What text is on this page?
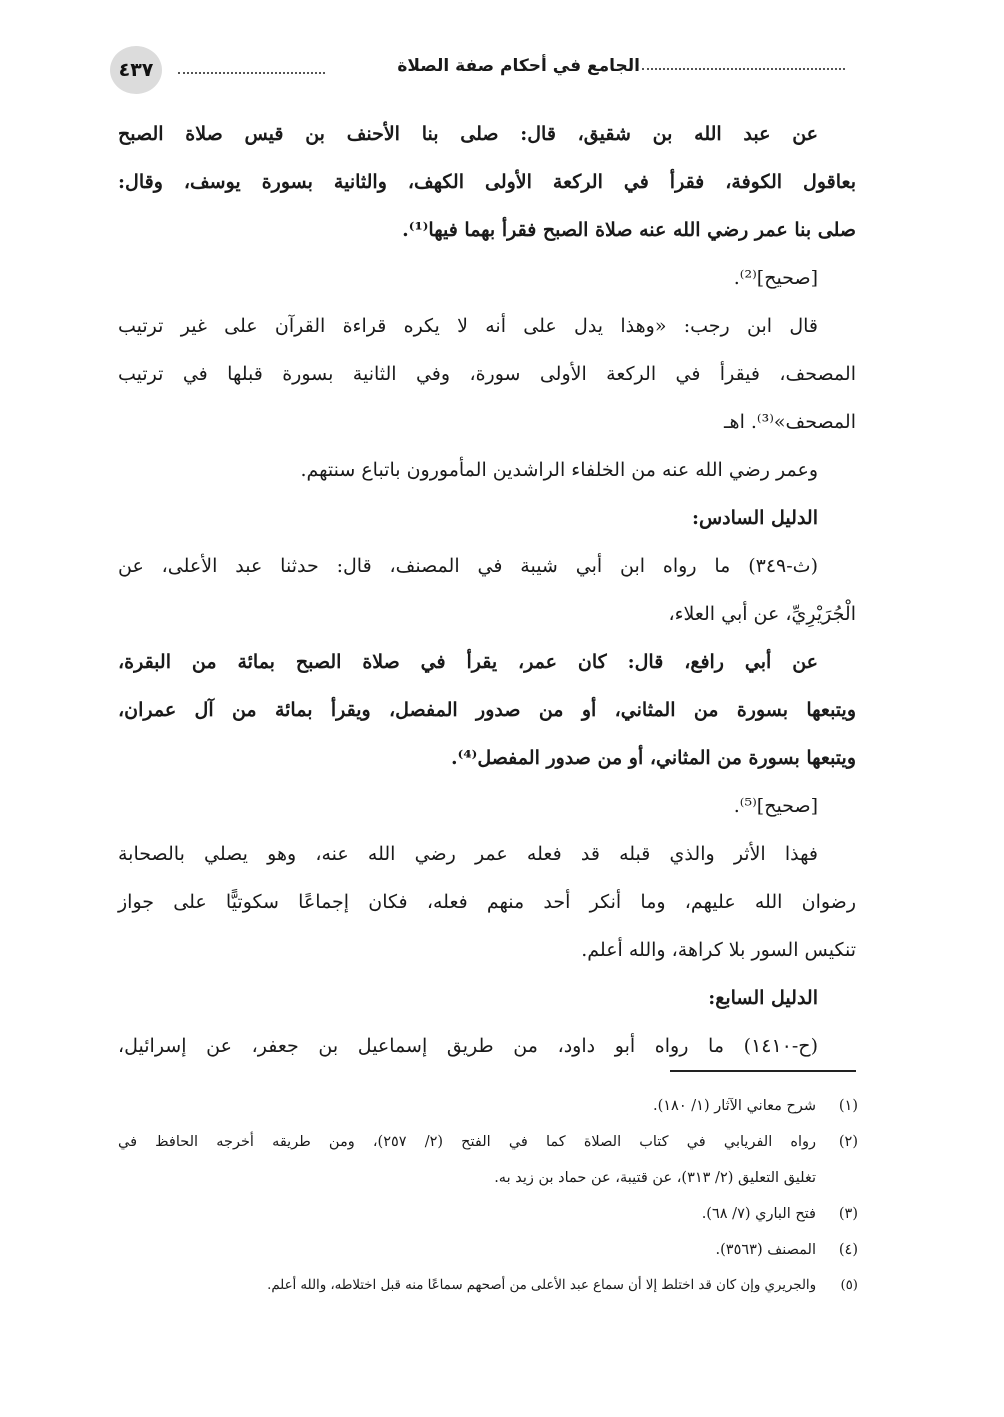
٤٣٧	الجامع في أحكام صفة الصلاة
عن عبد الله بن شقيق، قال: صلى بنا الأحنف بن قيس صلاة الصبح
بعاقول الكوفة، فقرأ في الركعة الأولى الكهف، والثانية بسورة يوسف، وقال:
صلى بنا عمر رضي الله عنه صلاة الصبح فقرأ بهما فيها⁽¹⁾.
[صحيح]⁽²⁾.
قال ابن رجب: «وهذا يدل على أنه لا يكره قراءة القرآن على غير ترتيب
المصحف، فيقرأ في الركعة الأولى سورة، وفي الثانية بسورة قبلها في ترتيب
المصحف»⁽³⁾. اهـ
وعمر رضي الله عنه من الخلفاء الراشدين المأمورون باتباع سنتهم.
الدليل السادس:
(ث-٣٤٩) ما رواه ابن أبي شيبة في المصنف، قال: حدثنا عبد الأعلى، عن
الْجُرَيْرِيِّ، عن أبي العلاء،
عن أبي رافع، قال: كان عمر، يقرأ في صلاة الصبح بمائة من البقرة،
ويتبعها بسورة من المثاني، أو من صدور المفصل، ويقرأ بمائة من آل عمران،
ويتبعها بسورة من المثاني، أو من صدور المفصل⁽⁴⁾.
[صحيح]⁽⁵⁾.
فهذا الأثر والذي قبله قد فعله عمر رضي الله عنه، وهو يصلي بالصحابة
رضوان الله عليهم، وما أنكر أحد منهم فعله، فكان إجماعًا سكوتيًّا على جواز
تنكيس السور بلا كراهة، والله أعلم.
الدليل السابع:
(ح-١٤١٠) ما رواه أبو داود، من طريق إسماعيل بن جعفر، عن إسرائيل،
(١)
شرح معاني الآثار (١/ ١٨٠).
(٢)
رواه الفريابي في كتاب الصلاة كما في الفتح (٢/ ٢٥٧)، ومن طريقه أخرجه الحافظ في
تغليق التعليق (٢/ ٣١٣)، عن قتيبة، عن حماد بن زيد به.
(٣)
فتح الباري (٧/ ٦٨).
(٤)
المصنف (٣٥٦٣).
(٥)
والجريري وإن كان قد اختلط إلا أن سماع عبد الأعلى من أصحهم سماعًا منه قبل اختلاطه، والله أعلم.
